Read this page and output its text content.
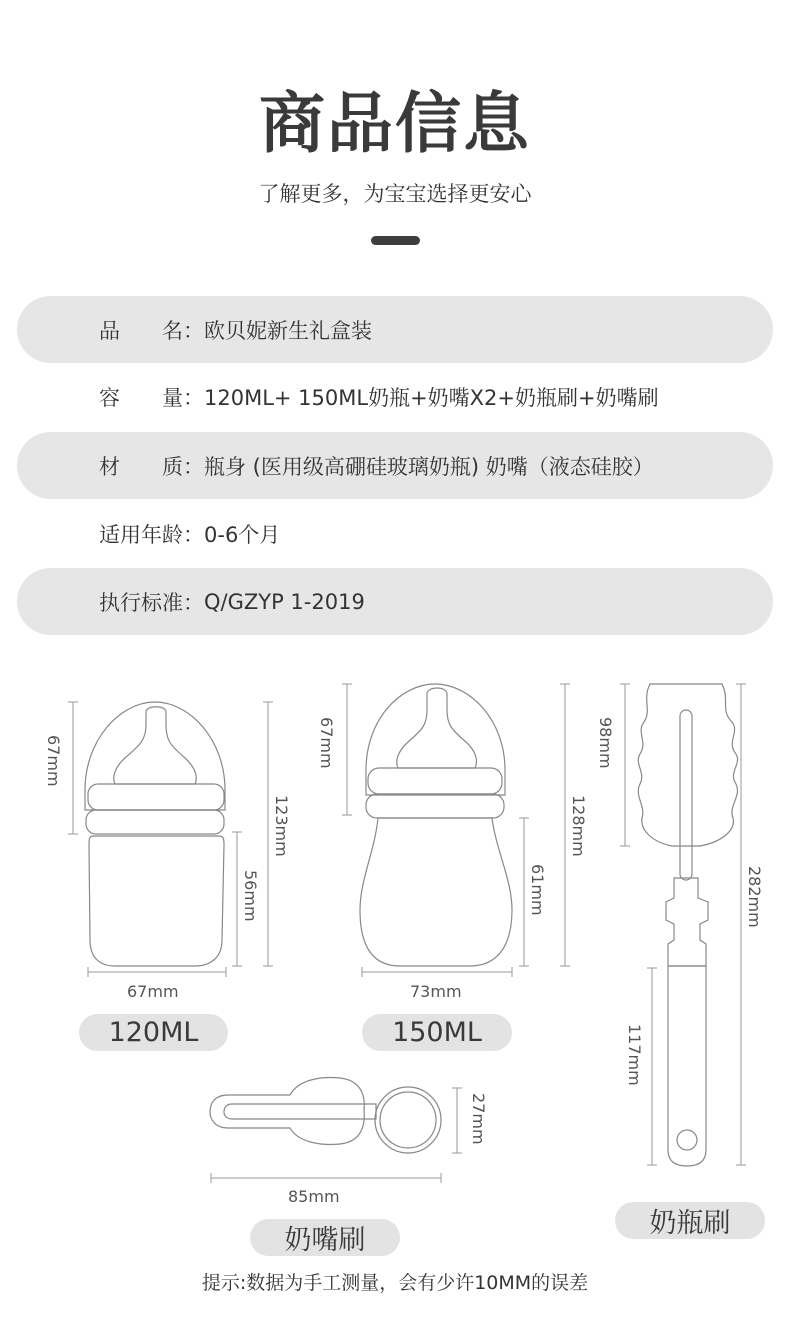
商品信息
了解更多，为宝宝选择更安心
品　　名： 欧贝妮新生礼盒装
容　　量： 120ML+ 150ML奶瓶+奶嘴X2+奶瓶刷+奶嘴刷
材　　质： 瓶身 (医用级高硼硅玻璃奶瓶) 奶嘴（液态硅胶）
适用年龄： 0-6个月
执行标准： Q/GZYP 1-2019
67mm
123mm
56mm
67mm
120ML
67mm
128mm
61mm
73mm
150ML
98mm
282mm
117mm
奶瓶刷
27mm
85mm
奶嘴刷
提示:数据为手工测量，会有少许10MM的误差
